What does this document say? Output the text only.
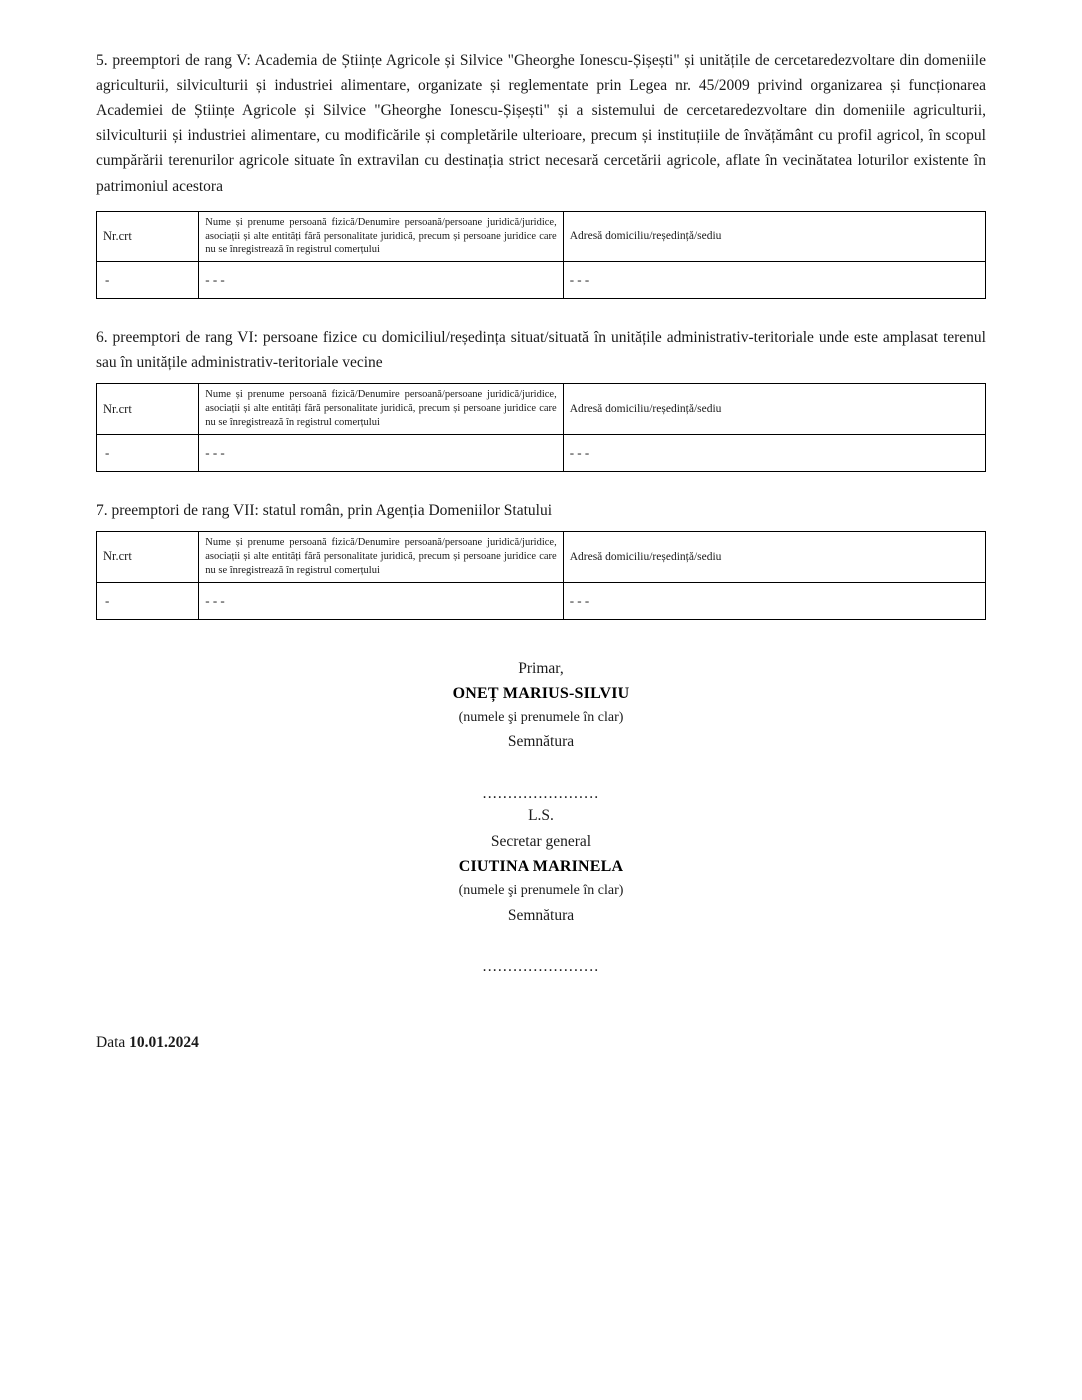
5. preemptori de rang V: Academia de Științe Agricole și Silvice "Gheorghe Ionescu-Șișești" și unitățile de cercetaredezvoltare din domeniile agriculturii, silviculturii și industriei alimentare, organizate și reglementate prin Legea nr. 45/2009 privind organizarea și funcționarea Academiei de Științe Agricole și Silvice "Gheorghe Ionescu-Șișești" și a sistemului de cercetaredezvoltare din domeniile agriculturii, silviculturii și industriei alimentare, cu modificările și completările ulterioare, precum și instituțiile de învățământ cu profil agricol, în scopul cumpărării terenurilor agricole situate în extravilan cu destinația strict necesară cercetării agricole, aflate în vecinătatea loturilor existente în patrimoniul acestora

Nr.crt	Nume și prenume persoană fizică/Denumire persoană/persoane juridică/juridice, asociații și alte entități fără personalitate juridică, precum și persoane juridice care nu se înregistrează în registrul comerțului	Adresă domiciliu/reședință/sediu
-	- - -	- - -

6. preemptori de rang VI: persoane fizice cu domiciliul/reședința situat/situată în unitățile administrativ-teritoriale unde este amplasat terenul sau în unitățile administrativ-teritoriale vecine

Nr.crt	Nume și prenume persoană fizică/Denumire persoană/persoane juridică/juridice, asociații și alte entități fără personalitate juridică, precum și persoane juridice care nu se înregistrează în registrul comerțului	Adresă domiciliu/reședință/sediu
-	- - -	- - -

7. preemptori de rang VII: statul român, prin Agenția Domeniilor Statului

Nr.crt	Nume și prenume persoană fizică/Denumire persoană/persoane juridică/juridice, asociații și alte entități fără personalitate juridică, precum și persoane juridice care nu se înregistrează în registrul comerțului	Adresă domiciliu/reședință/sediu
-	- - -	- - -
Primar,
ONEȚ MARIUS-SILVIU
(numele şi prenumele în clar)
Semnătura
.......................
L.S.
Secretar general
CIUTINA MARINELA
(numele şi prenumele în clar)
Semnătura
.......................
Data 10.01.2024
